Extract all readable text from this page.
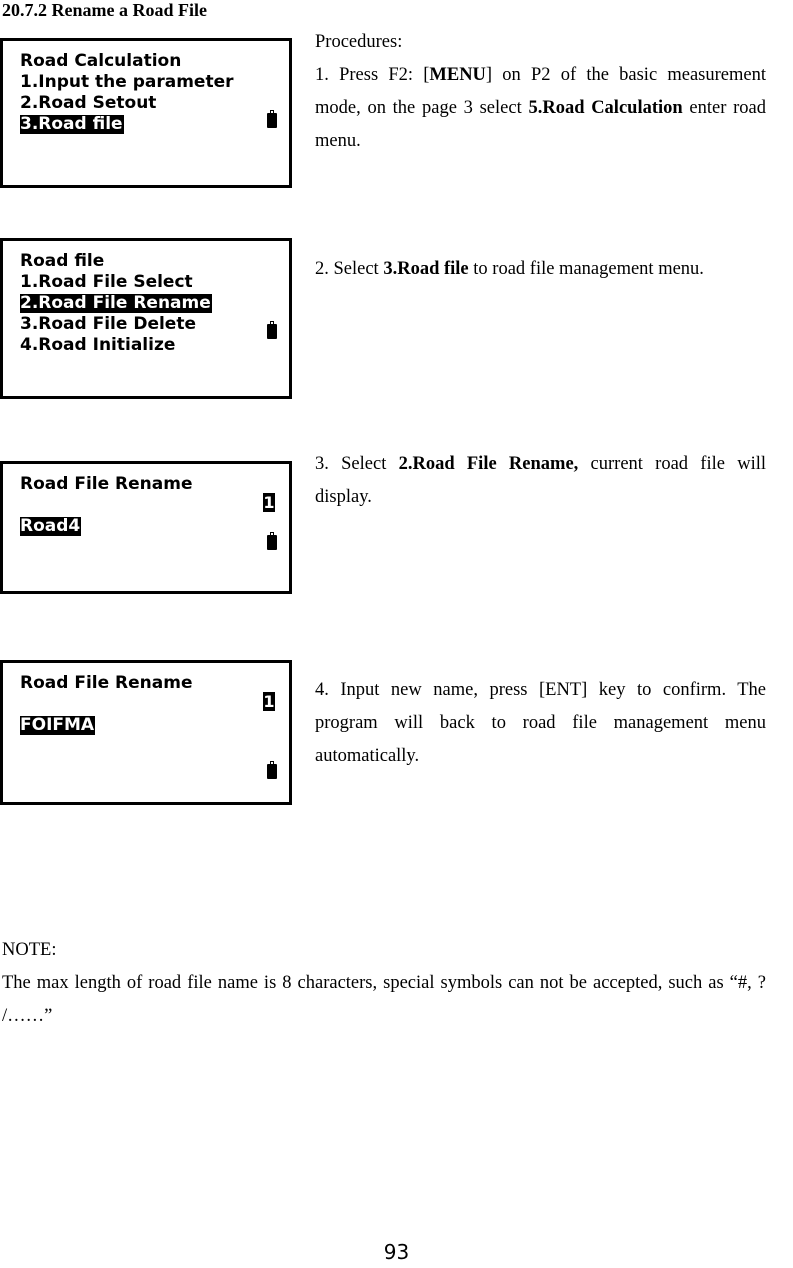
20.7.2 Rename a Road File
Road Calculation
1.Input the parameter
2.Road Setout
3.Road file
Road file
1.Road File Select
2.Road File Rename
3.Road File Delete
4.Road Initialize
Road File Rename
Road4
1
Road File Rename
FOIFMA
1

Procedures:

1. Press F2: [MENU] on P2 of the basic measurement mode, on the page 3 select 5.Road Calculation enter road menu.

2. Select 3.Road file to road file management menu.

3. Select 2.Road File Rename, current road file will display.

4. Input new name, press [ENT] key to confirm. The program will back to road file management menu automatically.

NOTE:

The max length of road file name is 8 characters, special symbols can not be accepted, such as “#, ? /……”

93
